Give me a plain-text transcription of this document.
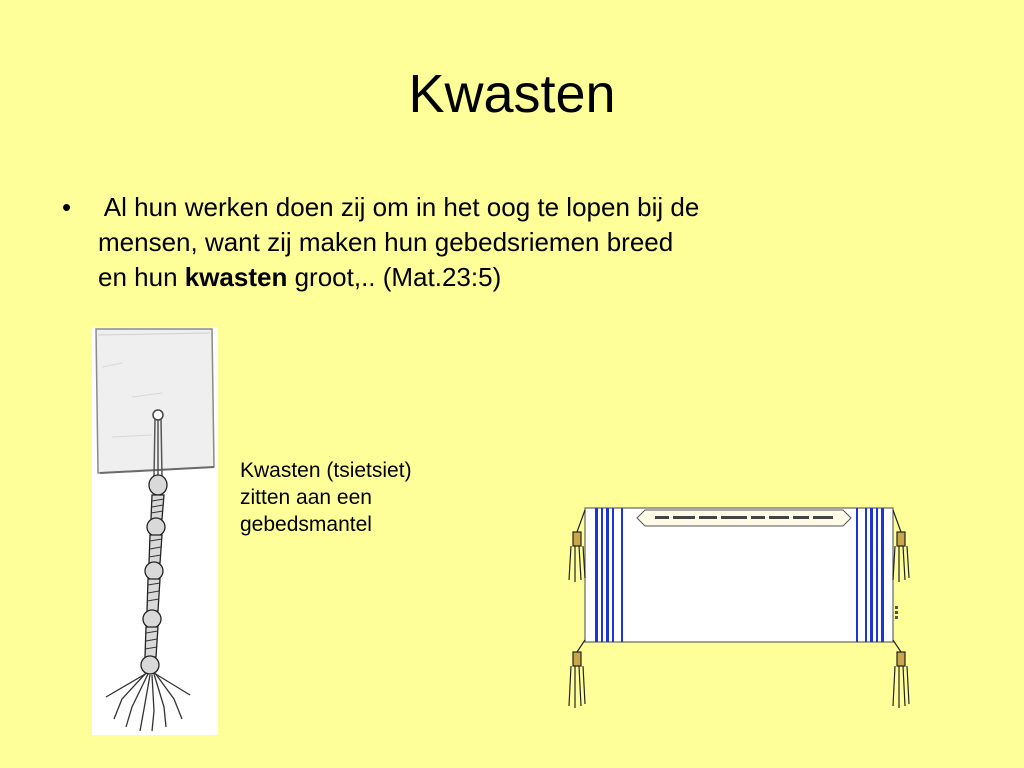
Kwasten
• Al hun werken doen zij om in het oog te lopen bij de
mensen, want zij maken hun gebedsriemen breed
en hun kwasten groot,.. (Mat.23:5)
Kwasten (tsietsiet)
zitten aan een
gebedsmantel
